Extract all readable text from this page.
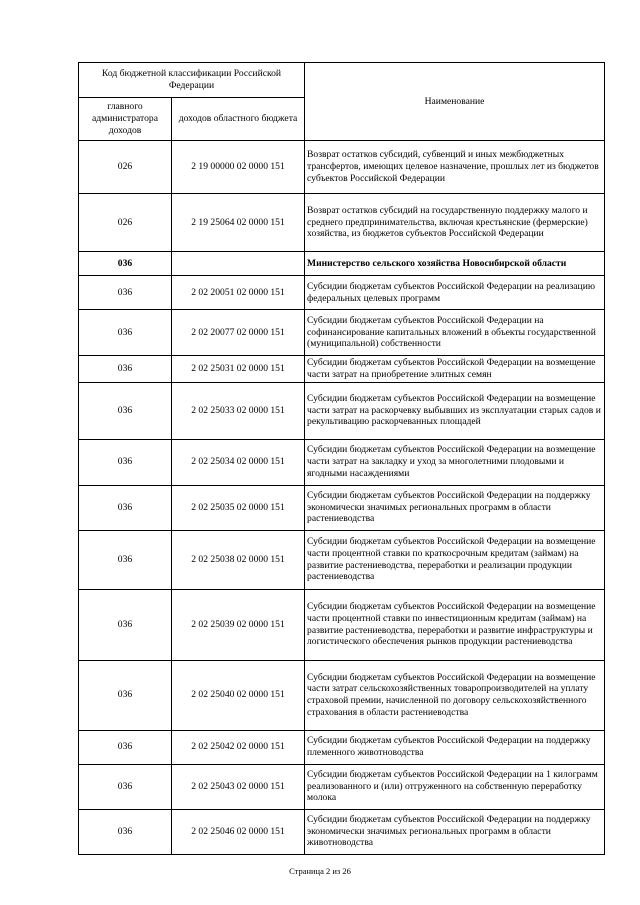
Код бюджетной классификации Российской Федерации		Наименование
главного администратора доходов	доходов областного бюджета	
026	2 19 00000 02 0000 151	Возврат остатков субсидий, субвенций и иных межбюджетных трансфертов, имеющих целевое назначение, прошлых лет из бюджетов субъектов Российской Федерации
026	2 19 25064 02 0000 151	Возврат остатков субсидий на государственную поддержку малого и среднего предпринимательства, включая крестьянские (фермерские) хозяйства, из бюджетов субъектов Российской Федерации
036		Министерство сельского хозяйства Новосибирской области
036	2 02 20051 02 0000 151	Субсидии бюджетам субъектов Российской Федерации на реализацию федеральных целевых программ
036	2 02 20077 02 0000 151	Субсидии бюджетам субъектов Российской Федерации на софинансирование капитальных вложений в объекты государственной (муниципальной) собственности
036	2 02 25031 02 0000 151	Субсидии бюджетам субъектов Российской Федерации на возмещение части затрат на приобретение элитных семян
036	2 02 25033 02 0000 151	Субсидии бюджетам субъектов Российской Федерации на возмещение части затрат на раскорчевку выбывших из эксплуатации старых садов и рекультивацию раскорчеванных площадей
036	2 02 25034 02 0000 151	Субсидии бюджетам субъектов Российской Федерации на возмещение части затрат на закладку и уход за многолетними плодовыми и ягодными насаждениями
036	2 02 25035 02 0000 151	Субсидии бюджетам субъектов Российской Федерации на поддержку экономически значимых региональных программ в области растениеводства
036	2 02 25038 02 0000 151	Субсидии бюджетам субъектов Российской Федерации на возмещение части процентной ставки по краткосрочным кредитам (займам) на развитие растениеводства, переработки и реализации продукции растениеводства
036	2 02 25039 02 0000 151	Субсидии бюджетам субъектов Российской Федерации на возмещение части процентной ставки по инвестиционным кредитам (займам) на развитие растениеводства, переработки и развитие инфраструктуры и логистического обеспечения рынков продукции растениеводства
036	2 02 25040 02 0000 151	Субсидии бюджетам субъектов Российской Федерации на возмещение части затрат сельскохозяйственных товаропроизводителей на уплату страховой премии, начисленной по договору сельскохозяйственного страхования в области растениеводства
036	2 02 25042 02 0000 151	Субсидии бюджетам субъектов Российской Федерации на поддержку племенного животноводства
036	2 02 25043 02 0000 151	Субсидии бюджетам субъектов Российской Федерации на 1 килограмм реализованного и (или) отгруженного на собственную переработку молока
036	2 02 25046 02 0000 151	Субсидии бюджетам субъектов Российской Федерации на поддержку экономически значимых региональных программ в области животноводства
Страница 2 из 26
